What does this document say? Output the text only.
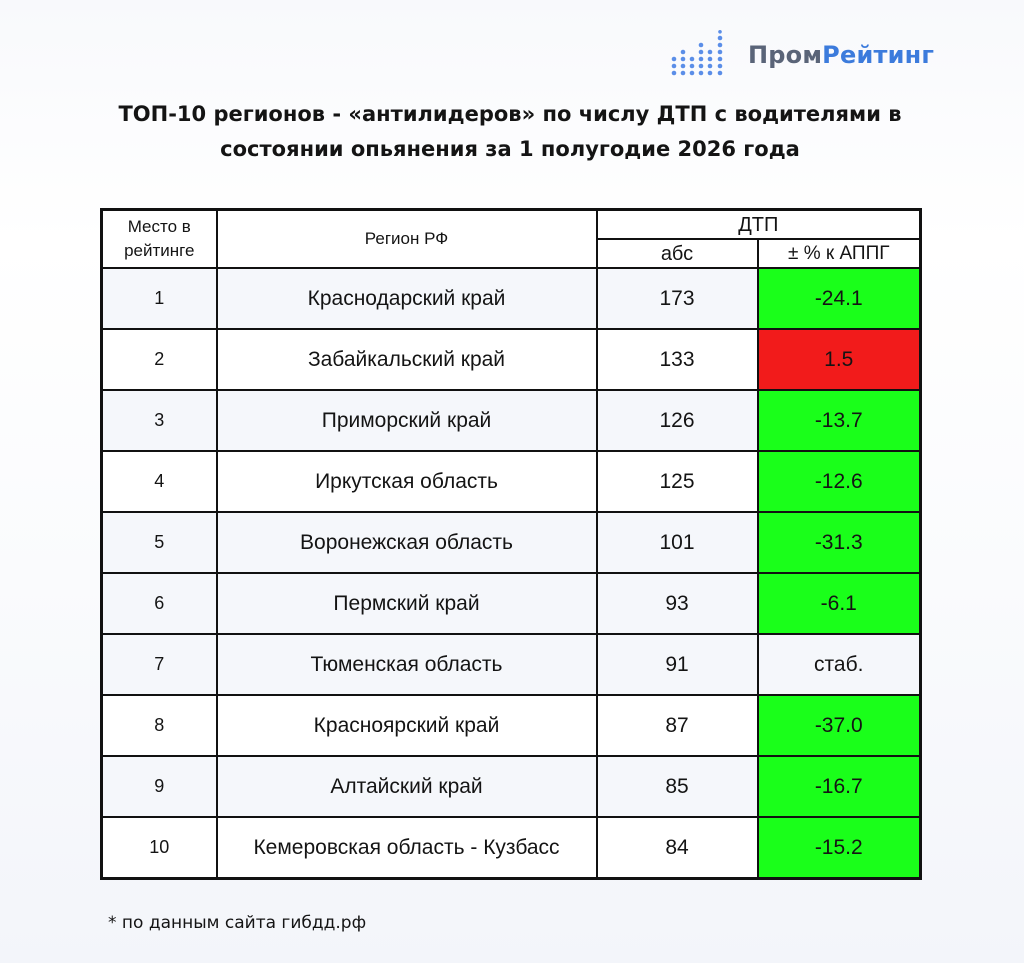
ПромРейтинг
ТОП-10 регионов - «антилидеров» по числу ДТП с водителями в
состоянии опьянения за 1 полугодие 2026 года
Место в
рейтинге	Регион РФ	ДТП	
		абс	± % к АППГ
1	Краснодарский край	173	-24.1
2	Забайкальский край	133	1.5
3	Приморский край	126	-13.7
4	Иркутская область	125	-12.6
5	Воронежская область	101	-31.3
6	Пермский край	93	-6.1
7	Тюменская область	91	стаб.
8	Красноярский край	87	-37.0
9	Алтайский край	85	-16.7
10	Кемеровская область - Кузбасс	84	-15.2
* по данным сайта гибдд.рф
